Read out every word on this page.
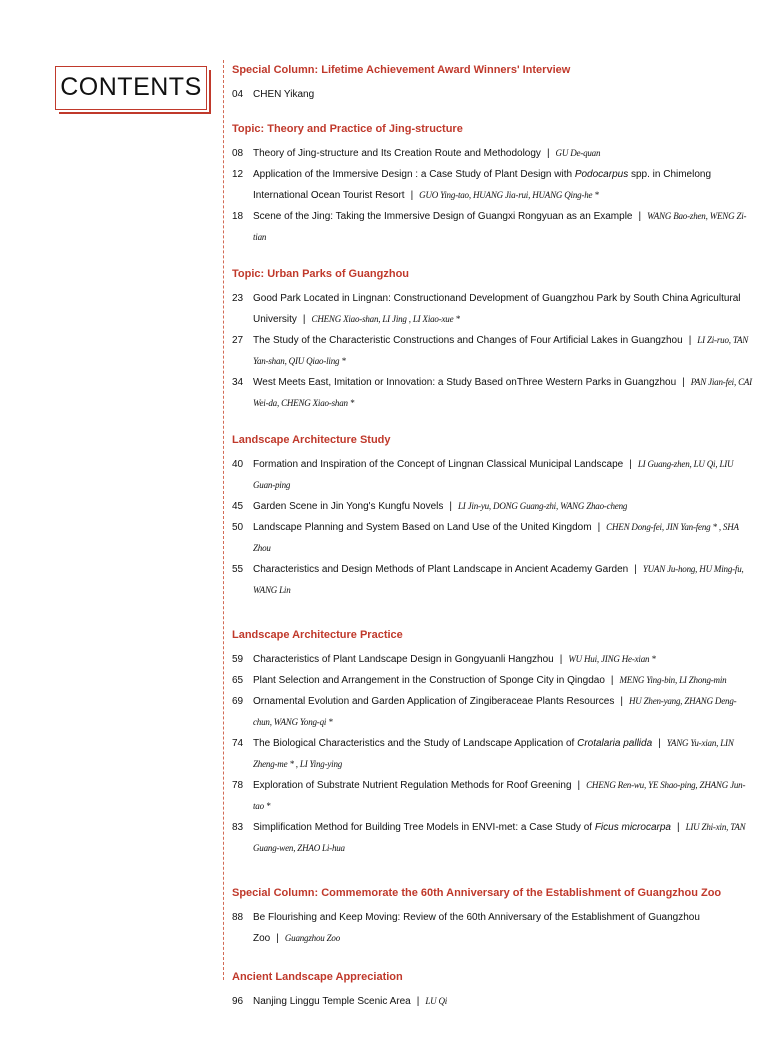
CONTENTS
Special Column: Lifetime Achievement Award Winners' Interview
04 CHEN Yikang
Topic: Theory and Practice of Jing-structure
08 Theory of Jing-structure and Its Creation Route and Methodology | GU De-quan
12 Application of the Immersive Design : a Case Study of Plant Design with Podocarpus spp. in Chimelong International Ocean Tourist Resort | GUO Ying-tao, HUANG Jia-rui, HUANG Qing-he *
18 Scene of the Jing: Taking the Immersive Design of Guangxi Rongyuan as an Example | WANG Bao-zhen, WENG Zi-tian
Topic: Urban Parks of Guangzhou
23 Good Park Located in Lingnan: Constructionand Development of Guangzhou Park by South China Agricultural University | CHENG Xiao-shan, LI Jing , LI Xiao-xue *
27 The Study of the Characteristic Constructions and Changes of Four Artificial Lakes in Guangzhou | LI Zi-ruo, TAN Yan-shan, QIU Qiao-ling *
34 West Meets East, Imitation or Innovation: a Study Based onThree Western Parks in Guangzhou | PAN Jian-fei, CAI Wei-da, CHENG Xiao-shan *
Landscape Architecture Study
40 Formation and Inspiration of the Concept of Lingnan Classical Municipal Landscape | LI Guang-zhen, LU Qi, LIU Guan-ping
45 Garden Scene in Jin Yong's Kungfu Novels | LI Jin-yu, DONG Guang-zhi, WANG Zhao-cheng
50 Landscape Planning and System Based on Land Use of the United Kingdom | CHEN Dong-fei, JIN Yan-feng * , SHA Zhou
55 Characteristics and Design Methods of Plant Landscape in Ancient Academy Garden | YUAN Ju-hong, HU Ming-fu, WANG Lin
Landscape Architecture Practice
59 Characteristics of Plant Landscape Design in Gongyuanli Hangzhou | WU Hui, JING He-xian *
65 Plant Selection and Arrangement in the Construction of Sponge City in Qingdao | MENG Ying-bin, LI Zhong-min
69 Ornamental Evolution and Garden Application of Zingiberaceae Plants Resources | HU Zhen-yang, ZHANG Deng-chun, WANG Yong-qi *
74 The Biological Characteristics and the Study of Landscape Application of Crotalaria pallida | YANG Yu-xian, LIN Zheng-me * , LI Ying-ying
78 Exploration of Substrate Nutrient Regulation Methods for Roof Greening | CHENG Ren-wu, YE Shao-ping, ZHANG Jun-tao *
83 Simplification Method for Building Tree Models in ENVI-met: a Case Study of Ficus microcarpa | LIU Zhi-xin, TAN Guang-wen, ZHAO Li-hua
Special Column: Commemorate the 60th Anniversary of the Establishment of Guangzhou Zoo
88 Be Flourishing and Keep Moving: Review of the 60th Anniversary of the Establishment of Guangzhou Zoo | Guangzhou Zoo
Ancient Landscape Appreciation
96 Nanjing Linggu Temple Scenic Area | LU Qi
